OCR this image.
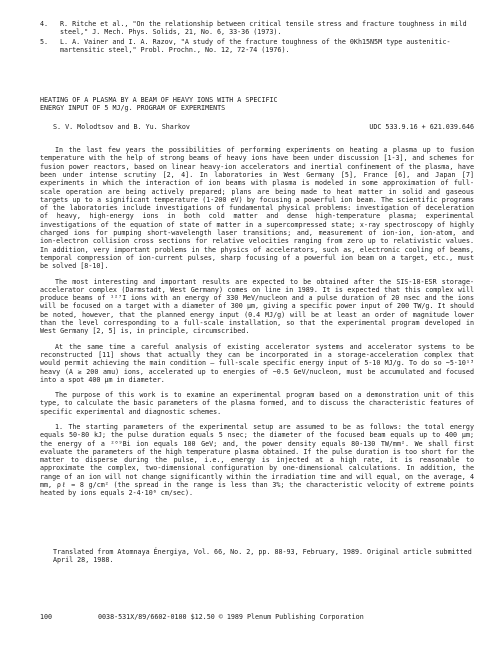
4.	R. Ritche et al., "On the relationship between critical tensile stress and fracture toughness in mild steel," J. Mech. Phys. Solids, 21, No. 6, 33-36 (1973).
5.	L. A. Vainer and I. A. Razov, "A study of the fracture toughness of the 0Kh15N5M type austenitic-martensitic steel," Probl. Prochn., No. 12, 72-74 (1976).
HEATING OF A PLASMA BY A BEAM OF HEAVY IONS WITH A SPECIFIC
ENERGY INPUT OF 5 MJ/g. PROGRAM OF EXPERIMENTS
S. V. Molodtsov and B. Yu. Sharkov	UDC 533.9.16 + 621.039.646

In the last few years the possibilities of performing experiments on heating a plasma up to fusion temperature with the help of strong beams of heavy ions have been under discussion [1-3], and schemes for fusion power reactors, based on linear heavy-ion accelerators and inertial confinement of the plasma, have been under intense scrutiny [2, 4]. In laboratories in West Germany [5], France [6], and Japan [7] experiments in which the interaction of ion beams with plasma is modeled in some approximation of full-scale operation are being actively prepared; plans are being made to heat matter in solid and gaseous targets up to a significant temperature (1-200 eV) by focusing a powerful ion beam. The scientific programs of the laboratories include investigations of fundamental physical problems: investigation of deceleration of heavy, high-energy ions in both cold matter and dense high-temperature plasma; experimental investigations of the equation of state of matter in a supercompressed state; x-ray spectroscopy of highly charged ions for pumping short-wavelength laser transitions; and, measurement of ion-ion, ion-atom, and ion-electron collision cross sections for relative velocities ranging from zero up to relativistic values. In addition, very important problems in the physics of accelerators, such as, electronic cooling of beams, temporal compression of ion-current pulses, sharp focusing of a powerful ion beam on a target, etc., must be solved [8-10].

The most interesting and important results are expected to be obtained after the SIS-18-ESR storage-accelerator complex (Darmstadt, West Germany) comes on line in 1989. It is expected that this complex will produce beams of ¹²⁷I ions with an energy of 330 MeV/nucleon and a pulse duration of 20 nsec and the ions will be focused on a target with a diameter of 300 µm, giving a specific power input of 200 TW/g. It should be noted, however, that the planned energy input (0.4 MJ/g) will be at least an order of magnitude lower than the level corresponding to a full-scale installation, so that the experimental program developed in West Germany [2, 5] is, in principle, circumscribed.

At the same time a careful analysis of existing accelerator systems and accelerator systems to be reconstructed [11] shows that actually they can be incorporated in a storage-acceleration complex that would permit achieving the main condition — full-scale specific energy input of 5-10 MJ/g. To do so ~5·10¹³ heavy (A ≥ 200 amu) ions, accelerated up to energies of ~0.5 GeV/nucleon, must be accumulated and focused into a spot 400 µm in diameter.

The purpose of this work is to examine an experimental program based on a demonstration unit of this type, to calculate the basic parameters of the plasma formed, and to discuss the characteristic features of specific experimental and diagnostic schemes.

1. The starting parameters of the experimental setup are assumed to be as follows: the total energy equals 50-80 kJ; the pulse duration equals 5 nsec; the diameter of the focused beam equals up to 400 µm; the energy of a ²⁰⁹Bi ion equals 100 GeV; and, the power density equals 80-130 TW/mm². We shall first evaluate the parameters of the high temperature plasma obtained. If the pulse duration is too short for the matter to disperse during the pulse, i.e., energy is injected at a high rate, it is reasonable to approximate the complex, two-dimensional configuration by one-dimensional calculations. In addition, the range of an ion will not change significantly within the irradiation time and will equal, on the average, 4 mm, ρℓ ≈ 8 g/cm² (the spread in the range is less than 3%; the characteristic velocity of extreme points heated by ions equals 2-4·10⁶ cm/sec).

Translated from Atomnaya Énergiya, Vol. 66, No. 2, pp. 88-93, February, 1989. Original article submitted April 28, 1988.

100	0038-531X/89/6602-0100 $12.50 © 1989 Plenum Publishing Corporation
